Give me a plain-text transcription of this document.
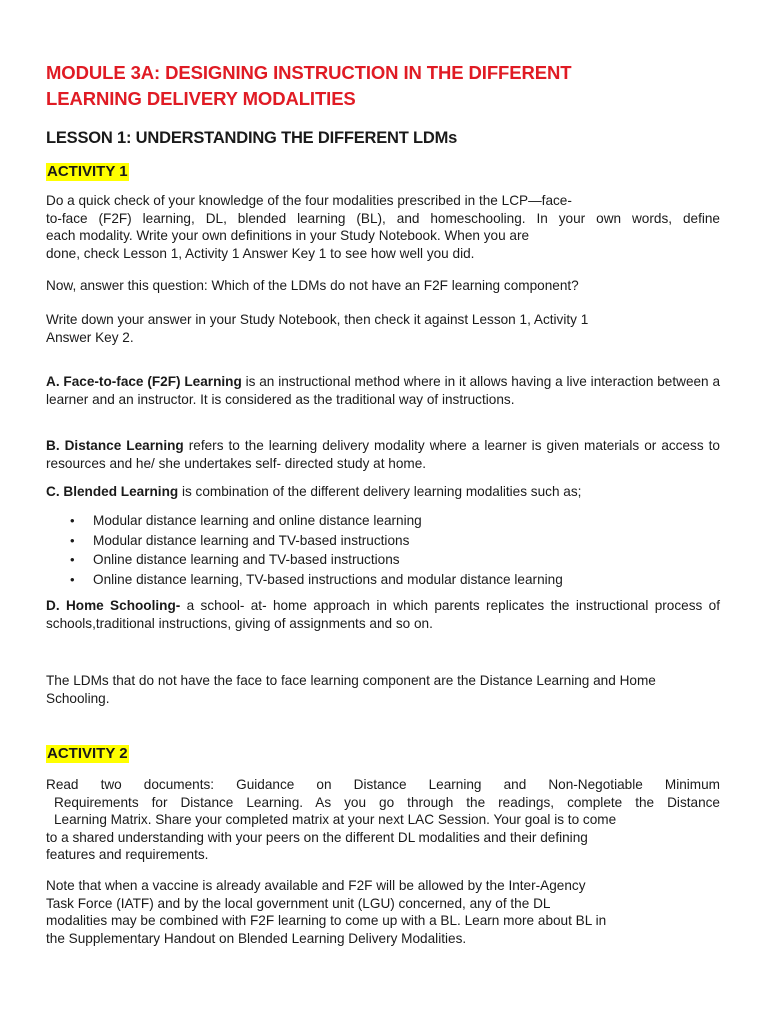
MODULE 3A: DESIGNING INSTRUCTION IN THE DIFFERENT
LEARNING DELIVERY MODALITIES
LESSON 1: UNDERSTANDING THE DIFFERENT LDMs
ACTIVITY 1
Do a quick check of your knowledge of the four modalities prescribed in the LCP—face-
to-face (F2F) learning, DL, blended learning (BL), and homeschooling. In your own words, define
each modality. Write your own definitions in your Study Notebook. When you are
done, check Lesson 1, Activity 1 Answer Key 1 to see how well you did.

Now, answer this question: Which of the LDMs do not have an F2F learning component?

Write down your answer in your Study Notebook, then check it against Lesson 1, Activity 1
Answer Key 2.

A. Face-to-face (F2F) Learning is an instructional method where in it allows having a live interaction between a learner and an instructor. It is considered as the traditional way of instructions.

B. Distance Learning refers to the learning delivery modality where a learner is given materials or access to resources and he/ she undertakes self- directed study at home.

C. Blended Learning is combination of the different delivery learning modalities such as;

• Modular distance learning and online distance learning
• Modular distance learning and TV-based instructions
• Online distance learning and TV-based instructions
• Online distance learning, TV-based instructions and modular distance learning

D. Home Schooling- a school- at- home approach in which parents replicates the instructional process of schools,traditional instructions, giving of assignments and so on.

The LDMs that do not have the face to face learning component are the Distance Learning and Home Schooling.

ACTIVITY 2
Read two documents: Guidance on Distance Learning and Non-Negotiable Minimum
Requirements for Distance Learning. As you go through the readings, complete the Distance
Learning Matrix. Share your completed matrix at your next LAC Session. Your goal is to come
to a shared understanding with your peers on the different DL modalities and their defining
features and requirements.
Note that when a vaccine is already available and F2F will be allowed by the Inter-Agency
Task Force (IATF) and by the local government unit (LGU) concerned, any of the DL
modalities may be combined with F2F learning to come up with a BL. Learn more about BL in
the Supplementary Handout on Blended Learning Delivery Modalities.
